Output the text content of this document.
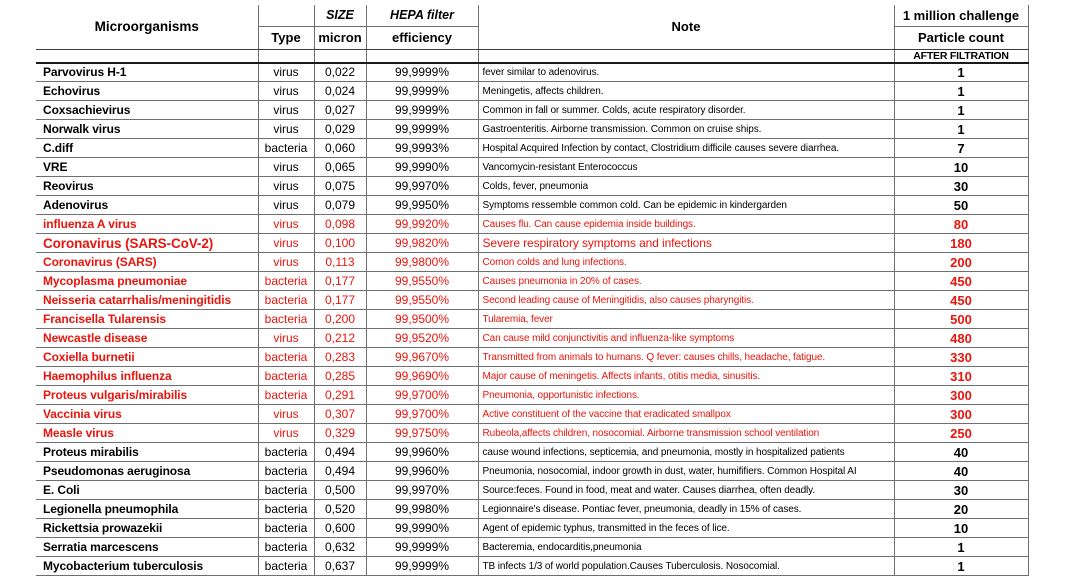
Microorganisms		SIZE	HEPA filter	Note	1 million challenge
	Type	micron	efficiency		Particle count
					AFTER FILTRATION
Parvovirus H-1	virus	0,022	99,9999%	fever similar to adenovirus.	1
Echovirus	virus	0,024	99,9999%	Meningetis, affects children.	1
Coxsachievirus	virus	0,027	99,9999%	Common in fall or summer. Colds, acute respiratory disorder.	1
Norwalk virus	virus	0,029	99,9999%	Gastroenteritis. Airborne transmission. Common on cruise ships.	1
C.diff	bacteria	0,060	99,9993%	Hospital Acquired Infection by contact, Clostridium difficile causes severe diarrhea.	7
VRE	virus	0,065	99,9990%	Vancomycin-resistant Enterococcus	10
Reovirus	virus	0,075	99,9970%	Colds, fever, pneumonia	30
Adenovirus	virus	0,079	99,9950%	Symptoms ressemble common cold. Can be epidemic in kindergarden	50
influenza A virus	virus	0,098	99,9920%	Causes flu. Can cause epidemia inside buildings.	80
Coronavirus (SARS-CoV-2)	virus	0,100	99,9820%	Severe respiratory symptoms and infections	180
Coronavirus (SARS)	virus	0,113	99,9800%	Comon colds and lung infections.	200
Mycoplasma pneumoniae	bacteria	0,177	99,9550%	Causes pneumonia in 20% of cases.	450
Neisseria catarrhalis/meningitidis	bacteria	0,177	99,9550%	Second leading cause of Meningitidis, also causes pharyngitis.	450
Francisella Tularensis	bacteria	0,200	99,9500%	Tularemia, fever	500
Newcastle disease	virus	0,212	99,9520%	Can cause mild conjunctivitis and influenza-like symptoms	480
Coxiella burnetii	bacteria	0,283	99,9670%	Transmitted from animals to humans. Q fever: causes chills, headache, fatigue.	330
Haemophilus influenza	bacteria	0,285	99,9690%	Major cause of meningetis. Affects infants, otitis media, sinusitis.	310
Proteus vulgaris/mirabilis	bacteria	0,291	99,9700%	Pneumonia, opportunistic infections.	300
Vaccinia virus	virus	0,307	99,9700%	Active constituent of the vaccine that eradicated smallpox	300
Measle virus	virus	0,329	99,9750%	Rubeola,affects children, nosocomial. Airborne transmission school ventilation	250
Proteus mirabilis	bacteria	0,494	99,9960%	cause wound infections, septicemia, and pneumonia, mostly in hospitalized patients	40
Pseudomonas aeruginosa	bacteria	0,494	99,9960%	Pneumonia, nosocomial, indoor growth in dust, water, humififiers. Common Hospital AI	40
E. Coli	bacteria	0,500	99,9970%	Source:feces. Found in food, meat and water. Causes diarrhea, often deadly.	30
Legionella pneumophila	bacteria	0,520	99,9980%	Legionnaire's disease. Pontiac fever, pneumonia, deadly in 15% of cases.	20
Rickettsia prowazekii	bacteria	0,600	99,9990%	Agent of epidemic typhus, transmitted in the feces of lice.	10
Serratia marcescens	bacteria	0,632	99,9999%	Bacteremia, endocarditis,pneumonia	1
Mycobacterium tuberculosis	bacteria	0,637	99,9999%	TB infects 1/3 of world population.Causes Tuberculosis. Nosocomial.	1
